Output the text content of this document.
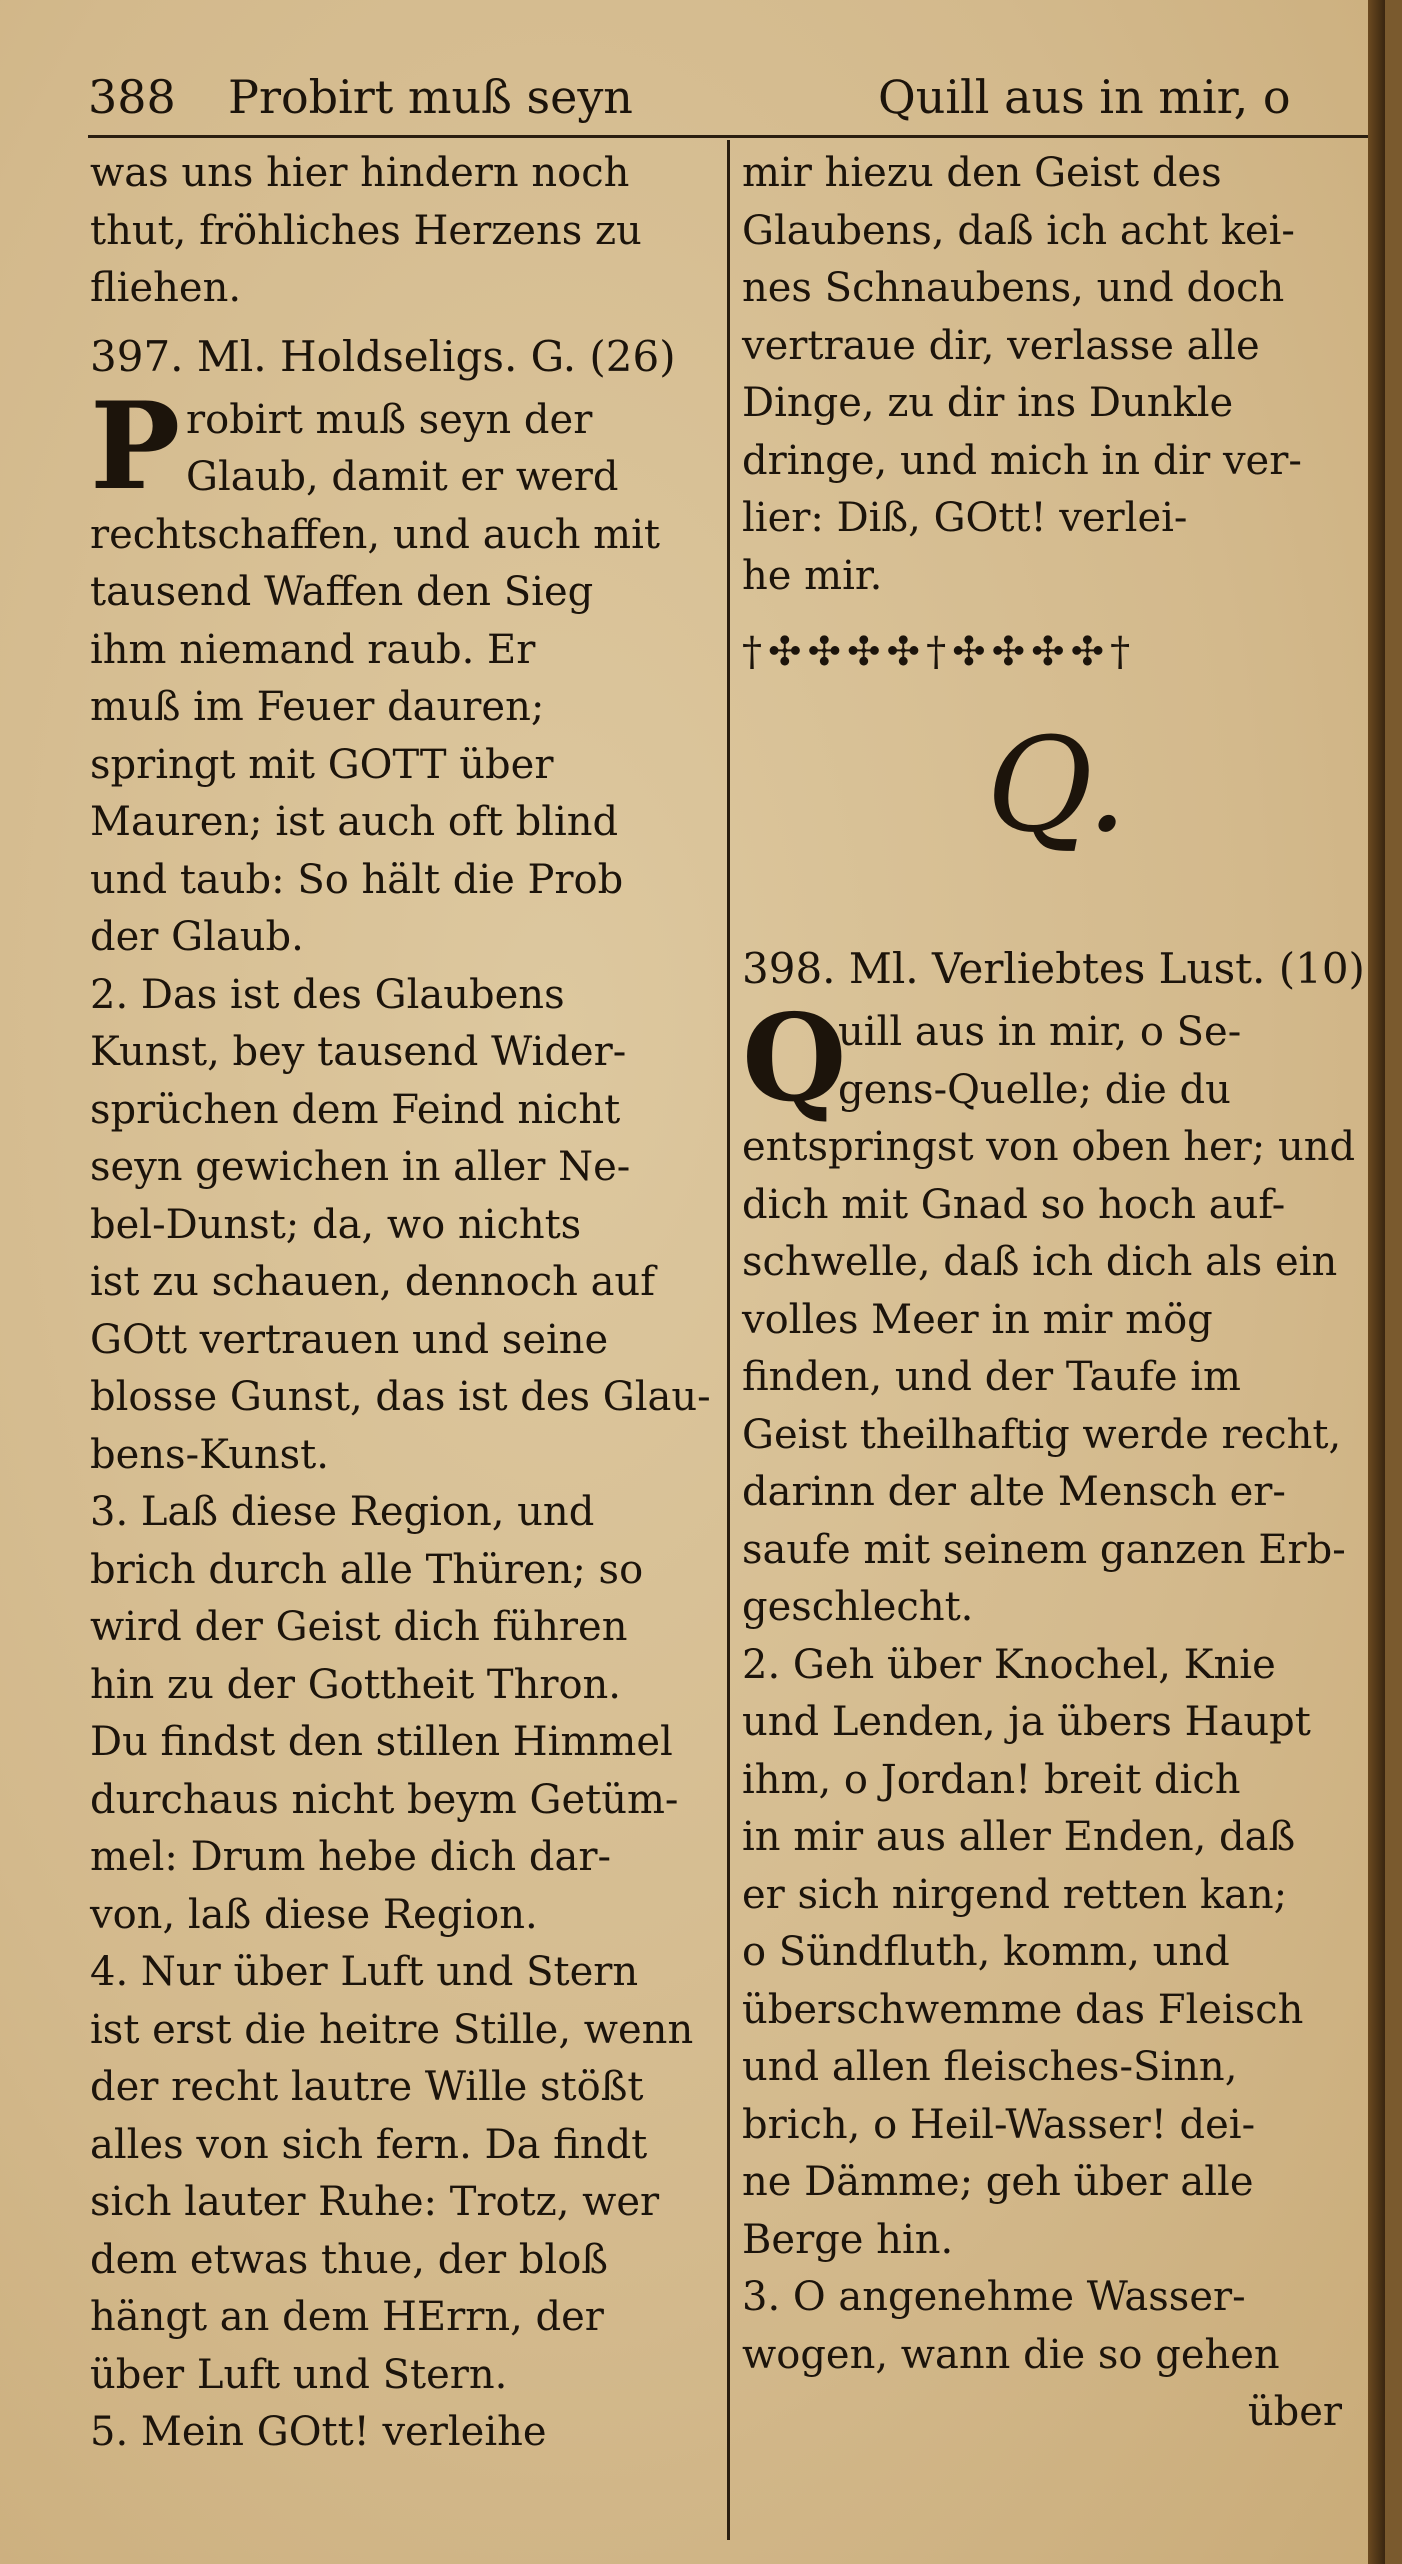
388 Probirt muß seyn	Quill aus in mir, o
was uns hier hindern noch
thut, fröhliches Herzens zu
fliehen.
397. Ml. Holdseligs. G. (26)
P robirt muß seyn der
Glaub, damit er werd
rechtschaffen, und auch mit
tausend Waffen den Sieg
ihm niemand raub. Er
muß im Feuer dauren;
springt mit GOTT über
Mauren; ist auch oft blind
und taub: So hält die Prob
der Glaub.
2. Das ist des Glaubens
Kunst, bey tausend Wider-
sprüchen dem Feind nicht
seyn gewichen in aller Ne-
bel-Dunst; da, wo nichts
ist zu schauen, dennoch auf
GOtt vertrauen und seine
blosse Gunst, das ist des Glau-
bens-Kunst.
3. Laß diese Region, und
brich durch alle Thüren; so
wird der Geist dich führen
hin zu der Gottheit Thron.
Du findst den stillen Himmel
durchaus nicht beym Getüm-
mel: Drum hebe dich dar-
von, laß diese Region.
4. Nur über Luft und Stern
ist erst die heitre Stille, wenn
der recht lautre Wille stößt
alles von sich fern. Da findt
sich lauter Ruhe: Trotz, wer
dem etwas thue, der bloß
hängt an dem HErrn, der
über Luft und Stern.
5. Mein GOtt! verleihe
mir hiezu den Geist des
Glaubens, daß ich acht kei-
nes Schnaubens, und doch
vertraue dir, verlasse alle
Dinge, zu dir ins Dunkle
dringe, und mich in dir ver-
lier: Diß, GOtt! verlei-
he mir.
†✣✣✣✣†✣✣✣✣†
Q.
398. Ml. Verliebtes Lust. (10)
Q
uill aus in mir, o Se-
gens-Quelle; die du
entspringst von oben her; und
dich mit Gnad so hoch auf-
schwelle, daß ich dich als ein
volles Meer in mir mög
finden, und der Taufe im
Geist theilhaftig werde recht,
darinn der alte Mensch er-
saufe mit seinem ganzen Erb-
geschlecht.
2. Geh über Knochel, Knie
und Lenden, ja übers Haupt
ihm, o Jordan! breit dich
in mir aus aller Enden, daß
er sich nirgend retten kan;
o Sündfluth, komm, und
überschwemme das Fleisch
und allen fleisches-Sinn,
brich, o Heil-Wasser! dei-
ne Dämme; geh über alle
Berge hin.
3. O angenehme Wasser-
wogen, wann die so gehen
über
